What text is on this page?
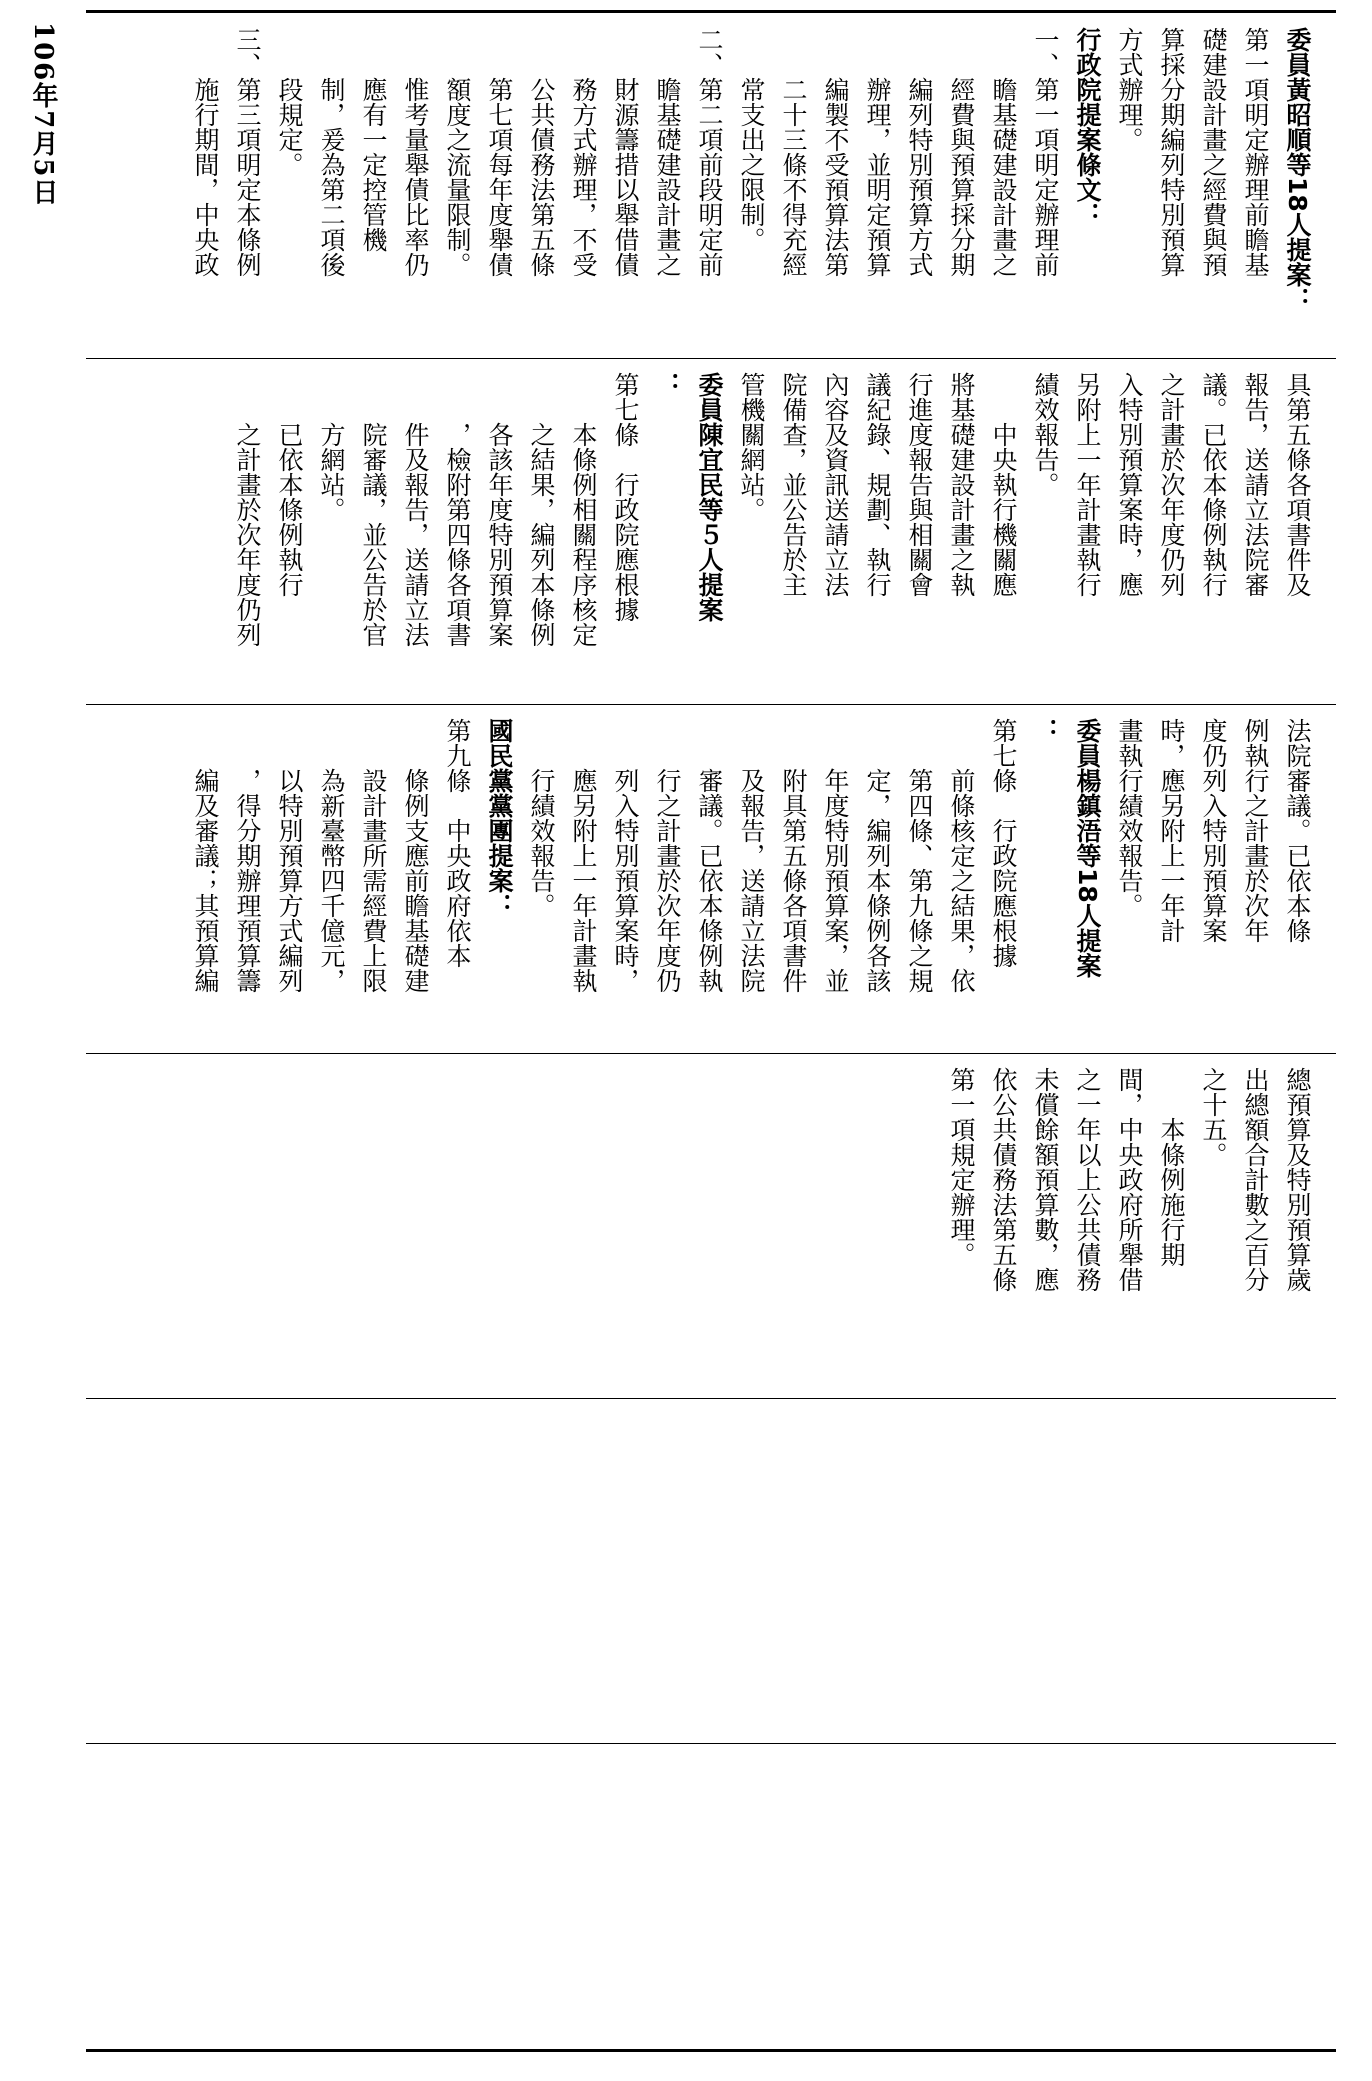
106年7月5日	委員黃昭順等18人提案：

第一項明定辦理前瞻基

礎建設計畫之經費與預

算採分期編列特別預算

方式辦理。

行政院提案條文：

一、第一項明定辦理前

瞻基礎建設計畫之

經費與預算採分期

編列特別預算方式

辦理，並明定預算

編製不受預算法第

二十三條不得充經

常支出之限制。

二、第二項前段明定前

瞻基礎建設計畫之

財源籌措以舉借債

務方式辦理，不受

公共債務法第五條

第七項每年度舉債

額度之流量限制。

惟考量舉債比率仍

應有一定控管機

制，爰為第二項後

段規定。

三、第三項明定本條例

施行期間，中央政

具第五條各項書件及

報告，送請立法院審

議。已依本條例執行

之計畫於次年度仍列

入特別預算案時，應

另附上一年計畫執行

績效報告。

中央執行機關應

將基礎建設計畫之執

行進度報告與相關會

議紀錄、規劃、執行

內容及資訊送請立法

院備查，並公告於主

管機關網站。

委員陳宜民等５人提案

：

第七條　行政院應根據

本條例相關程序核定

之結果，編列本條例

各該年度特別預算案

，檢附第四條各項書

件及報告，送請立法

院審議，並公告於官

方網站。

已依本條例執行

之計畫於次年度仍列

法院審議。已依本條

例執行之計畫於次年

度仍列入特別預算案

時，應另附上一年計

畫執行績效報告。

委員楊鎮浯等18人提案

：

第七條　行政院應根據

前條核定之結果，依

第四條、第九條之規

定，編列本條例各該

年度特別預算案，並

附具第五條各項書件

及報告，送請立法院

審議。已依本條例執

行之計畫於次年度仍

列入特別預算案時，

應另附上一年計畫執

行績效報告。

國民黨黨團提案：

第九條　中央政府依本

條例支應前瞻基礎建

設計畫所需經費上限

為新臺幣四千億元，

以特別預算方式編列

，得分期辦理預算籌

編及審議；其預算編

總預算及特別預算歲

出總額合計數之百分

之十五。

本條例施行期

間，中央政府所舉借

之一年以上公共債務

未償餘額預算數，應

依公共債務法第五條

第一項規定辦理。
